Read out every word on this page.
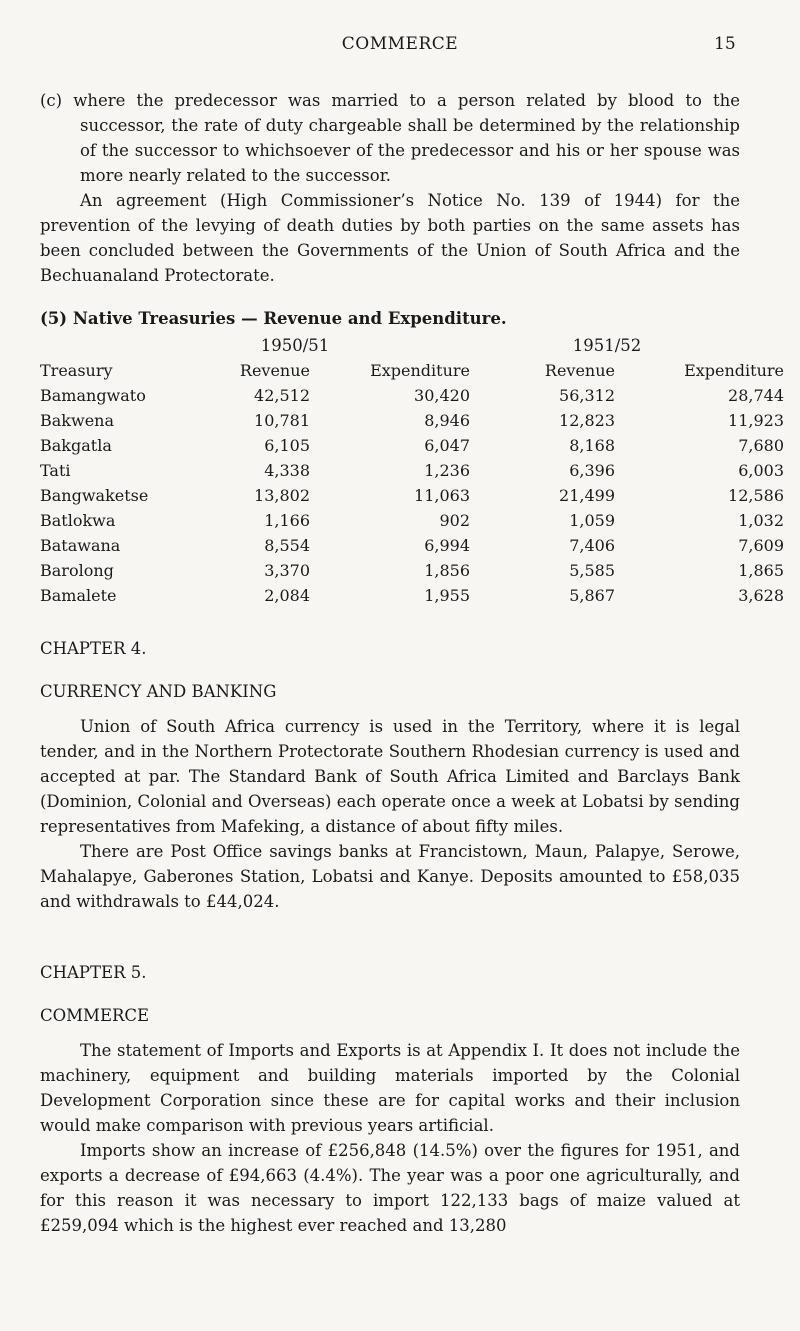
COMMERCE	15

(c) where the predecessor was married to a person related by blood to the successor, the rate of duty chargeable shall be determined by the relationship of the successor to whichsoever of the predecessor and his or her spouse was more nearly related to the successor.

An agreement (High Commissioner’s Notice No. 139 of 1944) for the prevention of the levying of death duties by both parties on the same assets has been concluded between the Governments of the Union of South Africa and the Bechuanaland Protectorate.

(5) Native Treasuries — Revenue and Expenditure.

	1950/51		1951/52	
Treasury	Revenue	Expenditure	Revenue	Expenditure
Bamangwato	42,512	30,420	56,312	28,744
Bakwena	10,781	8,946	12,823	11,923
Bakgatla	6,105	6,047	8,168	7,680
Tati	4,338	1,236	6,396	6,003
Bangwaketse	13,802	11,063	21,499	12,586
Batlokwa	1,166	902	1,059	1,032
Batawana	8,554	6,994	7,406	7,609
Barolong	3,370	1,856	5,585	1,865
Bamalete	2,084	1,955	5,867	3,628

CHAPTER 4.

CURRENCY AND BANKING

Union of South Africa currency is used in the Territory, where it is legal tender, and in the Northern Protectorate Southern Rhodesian currency is used and accepted at par. The Standard Bank of South Africa Limited and Barclays Bank (Dominion, Colonial and Overseas) each operate once a week at Lobatsi by sending representatives from Mafeking, a distance of about fifty miles.

There are Post Office savings banks at Francistown, Maun, Palapye, Serowe, Mahalapye, Gaberones Station, Lobatsi and Kanye. Deposits amounted to £58,035 and withdrawals to £44,024.

CHAPTER 5.

COMMERCE

The statement of Imports and Exports is at Appendix I. It does not include the machinery, equipment and building materials imported by the Colonial Development Corporation since these are for capital works and their inclusion would make comparison with previous years artificial.

Imports show an increase of £256,848 (14.5%) over the figures for 1951, and exports a decrease of £94,663 (4.4%). The year was a poor one agriculturally, and for this reason it was necessary to import 122,133 bags of maize valued at £259,094 which is the highest ever reached and 13,280
